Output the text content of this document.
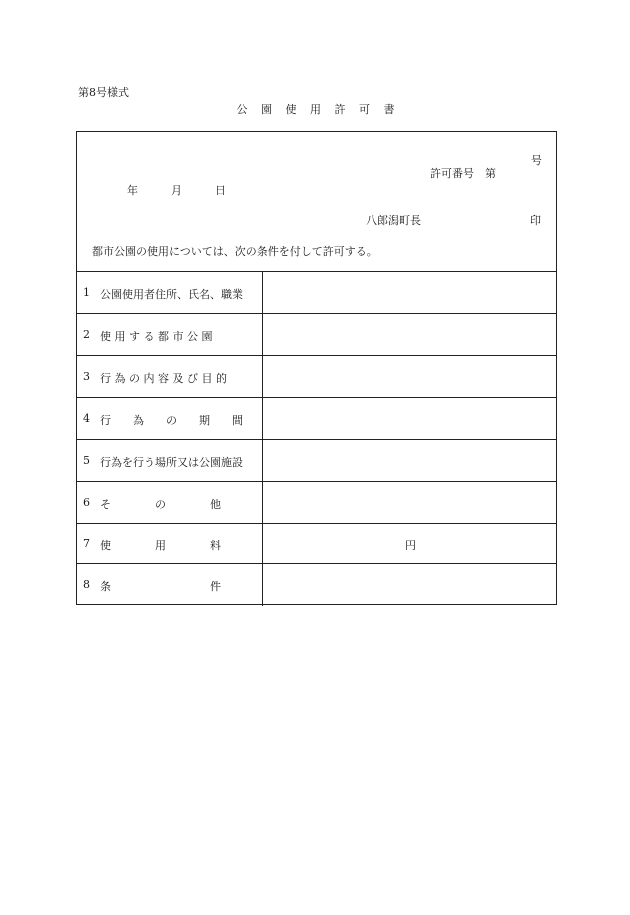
第8号様式
公 園 使 用 許 可 書

許可番号　第

号

年　　　月　　　日
八郎潟町長	印
都市公園の使用については、次の条件を付して許可する。
1 公園使用者住所、氏名、職業
2 使 用 す る 都 市 公 園
3 行 為 の 内 容 及 び 目 的
4 行　　為　　の　　期　　間
5 行為を行う場所又は公園施設
6 そ　　　　の　　　　他
7 使　　　　用　　　　料	円
8 条　　　　　　　　　件
